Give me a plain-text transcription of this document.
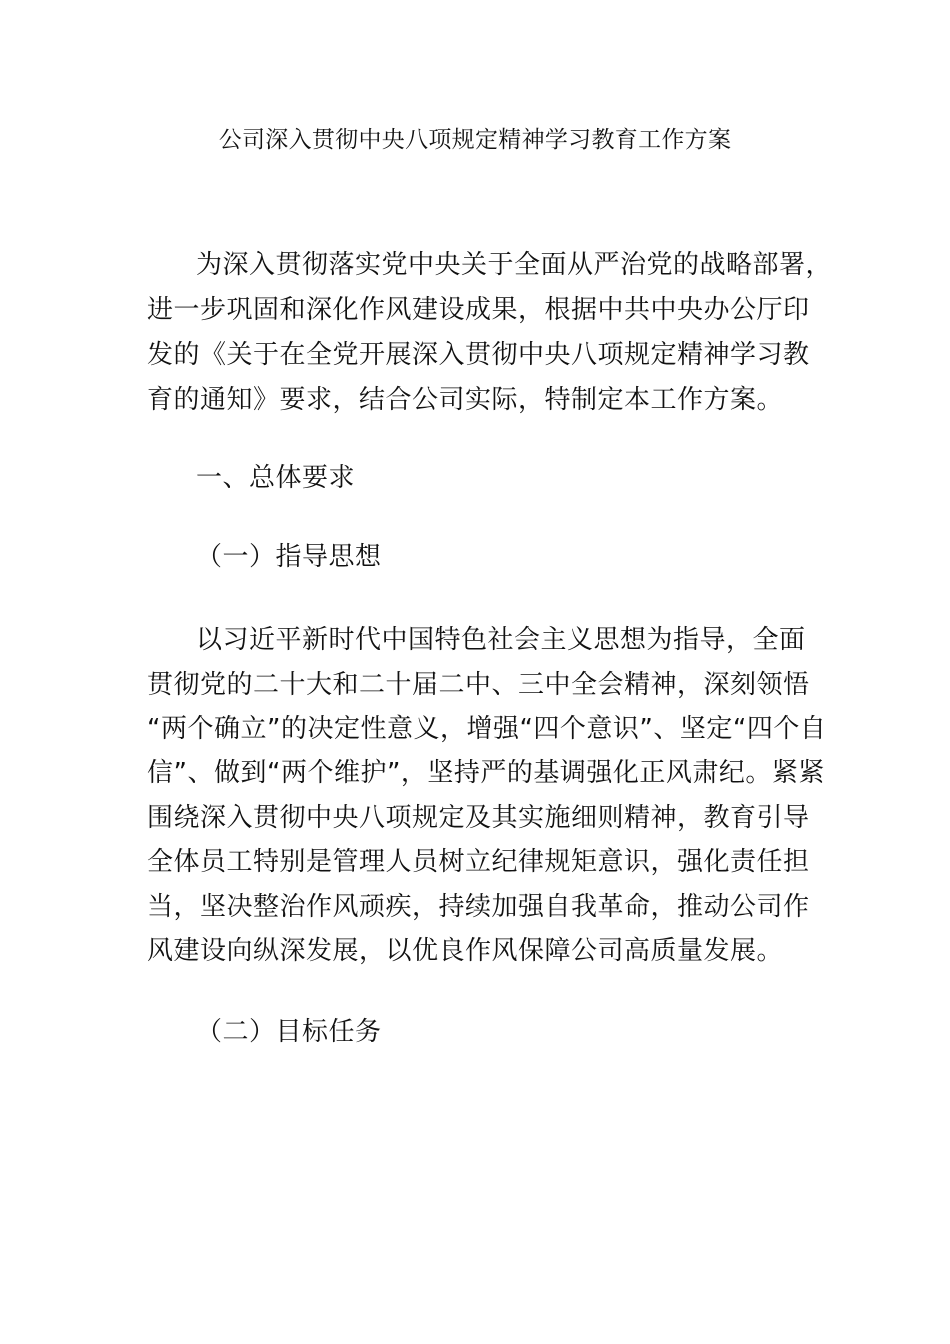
公司深入贯彻中央八项规定精神学习教育工作方案
为深入贯彻落实党中央关于全面从严治党的战略部署，
进一步巩固和深化作风建设成果，根据中共中央办公厅印
发的《关于在全党开展深入贯彻中央八项规定精神学习教
育的通知》要求，结合公司实际，特制定本工作方案。
一、总体要求
（一）指导思想
以习近平新时代中国特色社会主义思想为指导，全面
贯彻党的二十大和二十届二中、三中全会精神，深刻领悟
“两个确立”的决定性意义，增强“四个意识”、坚定“四个自
信”、做到“两个维护”，坚持严的基调强化正风肃纪。紧紧
围绕深入贯彻中央八项规定及其实施细则精神，教育引导
全体员工特别是管理人员树立纪律规矩意识，强化责任担
当，坚决整治作风顽疾，持续加强自我革命，推动公司作
风建设向纵深发展，以优良作风保障公司高质量发展。
（二）目标任务
